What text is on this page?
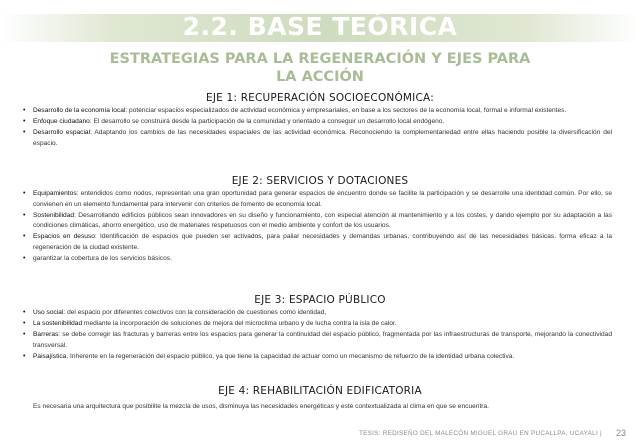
2.2. BASE TEÓRICA
ESTRATEGIAS PARA LA REGENERACIÓN Y EJES PARA
LA ACCIÓN
EJE 1: RECUPERACIÓN SOCIOECONÓMICA:
• Desarrollo de la economía local: potenciar espacios especializados de actividad económica y empresariales, en base a los sectores de la economía local, formal e informal existentes.
• Enfoque ciudadano: El desarrollo se construirá desde la participación de la comunidad y orientado a conseguir un desarrollo local endógeno.
• Desarrollo espacial: Adaptando los cambios de las necesidades espaciales de las actividad económica. Reconociendo la complementariedad entre ellas haciendo posible la diversificación del espacio.
EJE 2: SERVICIOS Y DOTACIONES
• Equipamientos: entendidos como nodos, representan una gran oportunidad para generar espacios de encuentro donde se facilite la participación y se desarrolle una identidad común. Por ello, se convienen en un elemento fundamental para intervenir con criterios de fomento de economía local.
• Sostenibilidad: Desarrollando edificios públicos sean innovadores en su diseño y funcionamiento, con especial atención al mantenimiento y a los costes, y dando ejemplo por su adaptación a las condiciones climáticas, ahorro energético, uso de materiales respetuosos con el medio ambiente y confort de los usuarios.
• Espacios en desuso: Identificación de espacios que pueden ser activados, para paliar necesidades y demandas urbanas, contribuyendo así de las necesidades básicas. forma eficaz a la regeneración de la ciudad existente.
• garantizar la cobertura de los servicios básicos.
EJE 3: ESPACIO PÚBLICO
• Uso social: del espacio por diferentes colectivos con la consideración de cuestiones como identidad,
• La sostenibilidad mediante la incorporación de soluciones de mejora del microclima urbano y de lucha contra la isla de calor.
• Barreras: se debe corregir las fracturas y barreras entre los espacios para generar la continuidad del espacio público, fragmentada por las infraestructuras de transporte, mejorando la conectividad transversal.
• Paisajística. Inherente en la regeneración del espacio público, ya que tiene la capacidad de actuar como un mecanismo de refuerzo de la identidad urbana colectiva.
EJE 4: REHABILITACIÓN EDIFICATORIA
Es necesaria una arquitectura que posibilite la mezcla de usos, disminuya las necesidades energéticas y esté contextualizada al clima en que se encuentra.
TESIS: REDISEÑO DEL MALECÓN MIGUEL GRAU EN PUCALLPA, UCAYALI | 23
